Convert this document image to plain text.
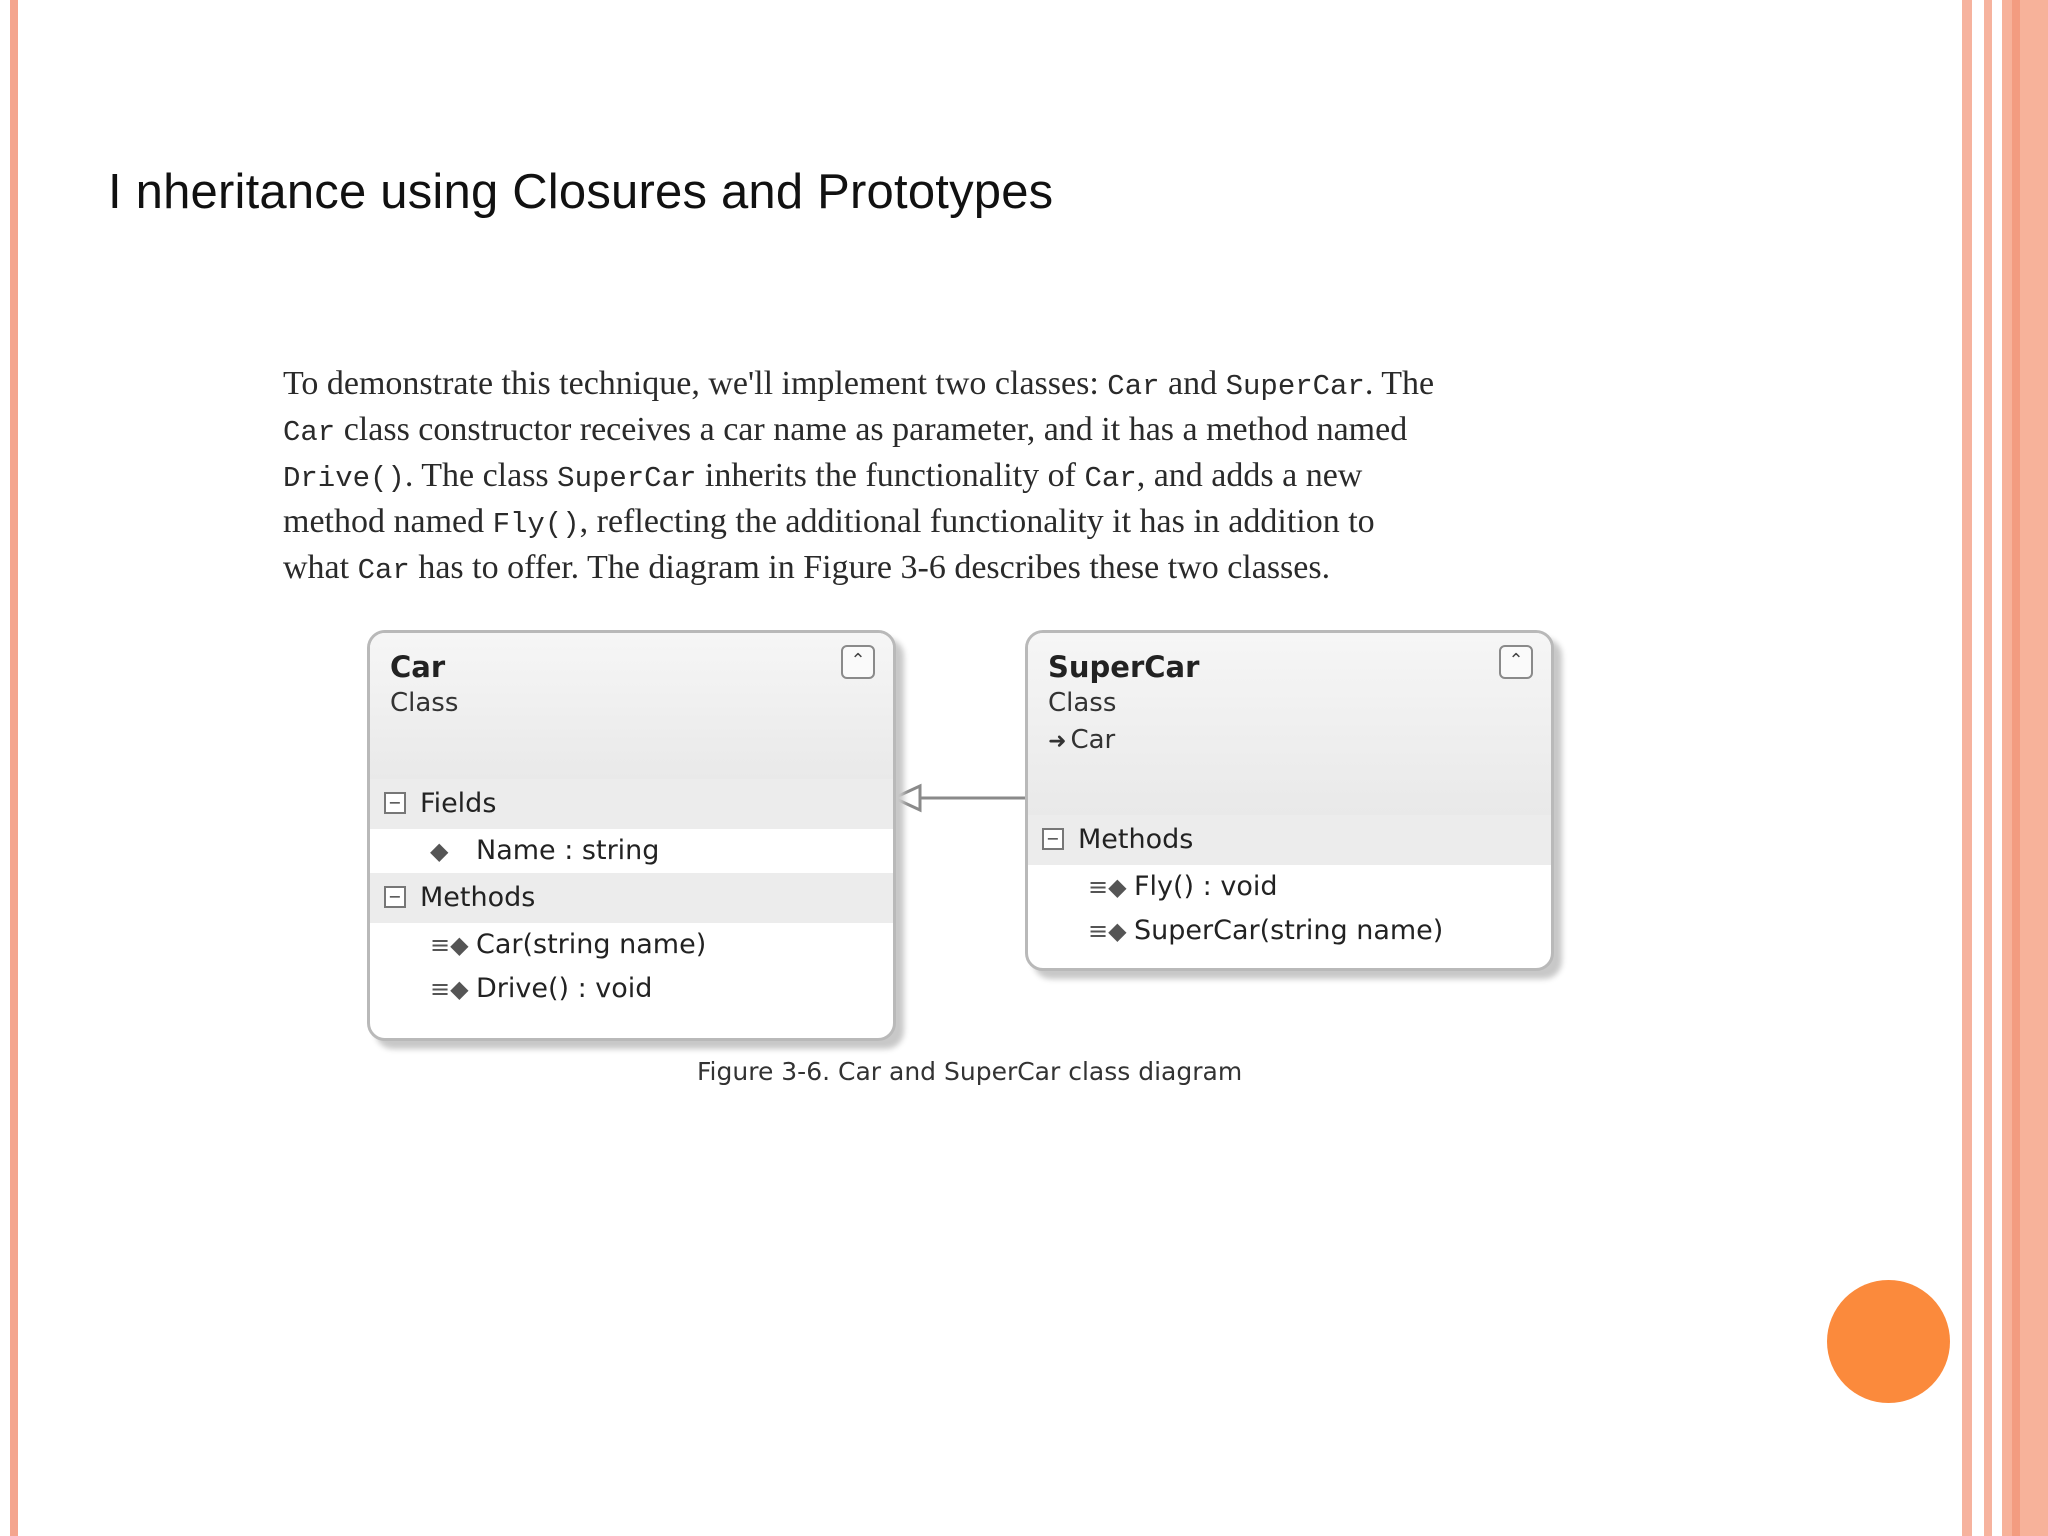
I nheritance using Closures and Prototypes

To demonstrate this technique, we'll implement two classes: Car and SuperCar. The
Car class constructor receives a car name as parameter, and it has a method named
Drive(). The class SuperCar inherits the functionality of Car, and adds a new
method named Fly(), reflecting the additional functionality it has in addition to
what Car has to offer. The diagram in Figure 3-6 describes these two classes.

Car
Class
⌃
− Fields
◆ Name : string
− Methods
≡◆ Car(string name)
≡◆ Drive() : void
SuperCar
Class
➜ Car
⌃
− Methods
≡◆ Fly() : void
≡◆ SuperCar(string name)

Figure 3-6. Car and SuperCar class diagram
